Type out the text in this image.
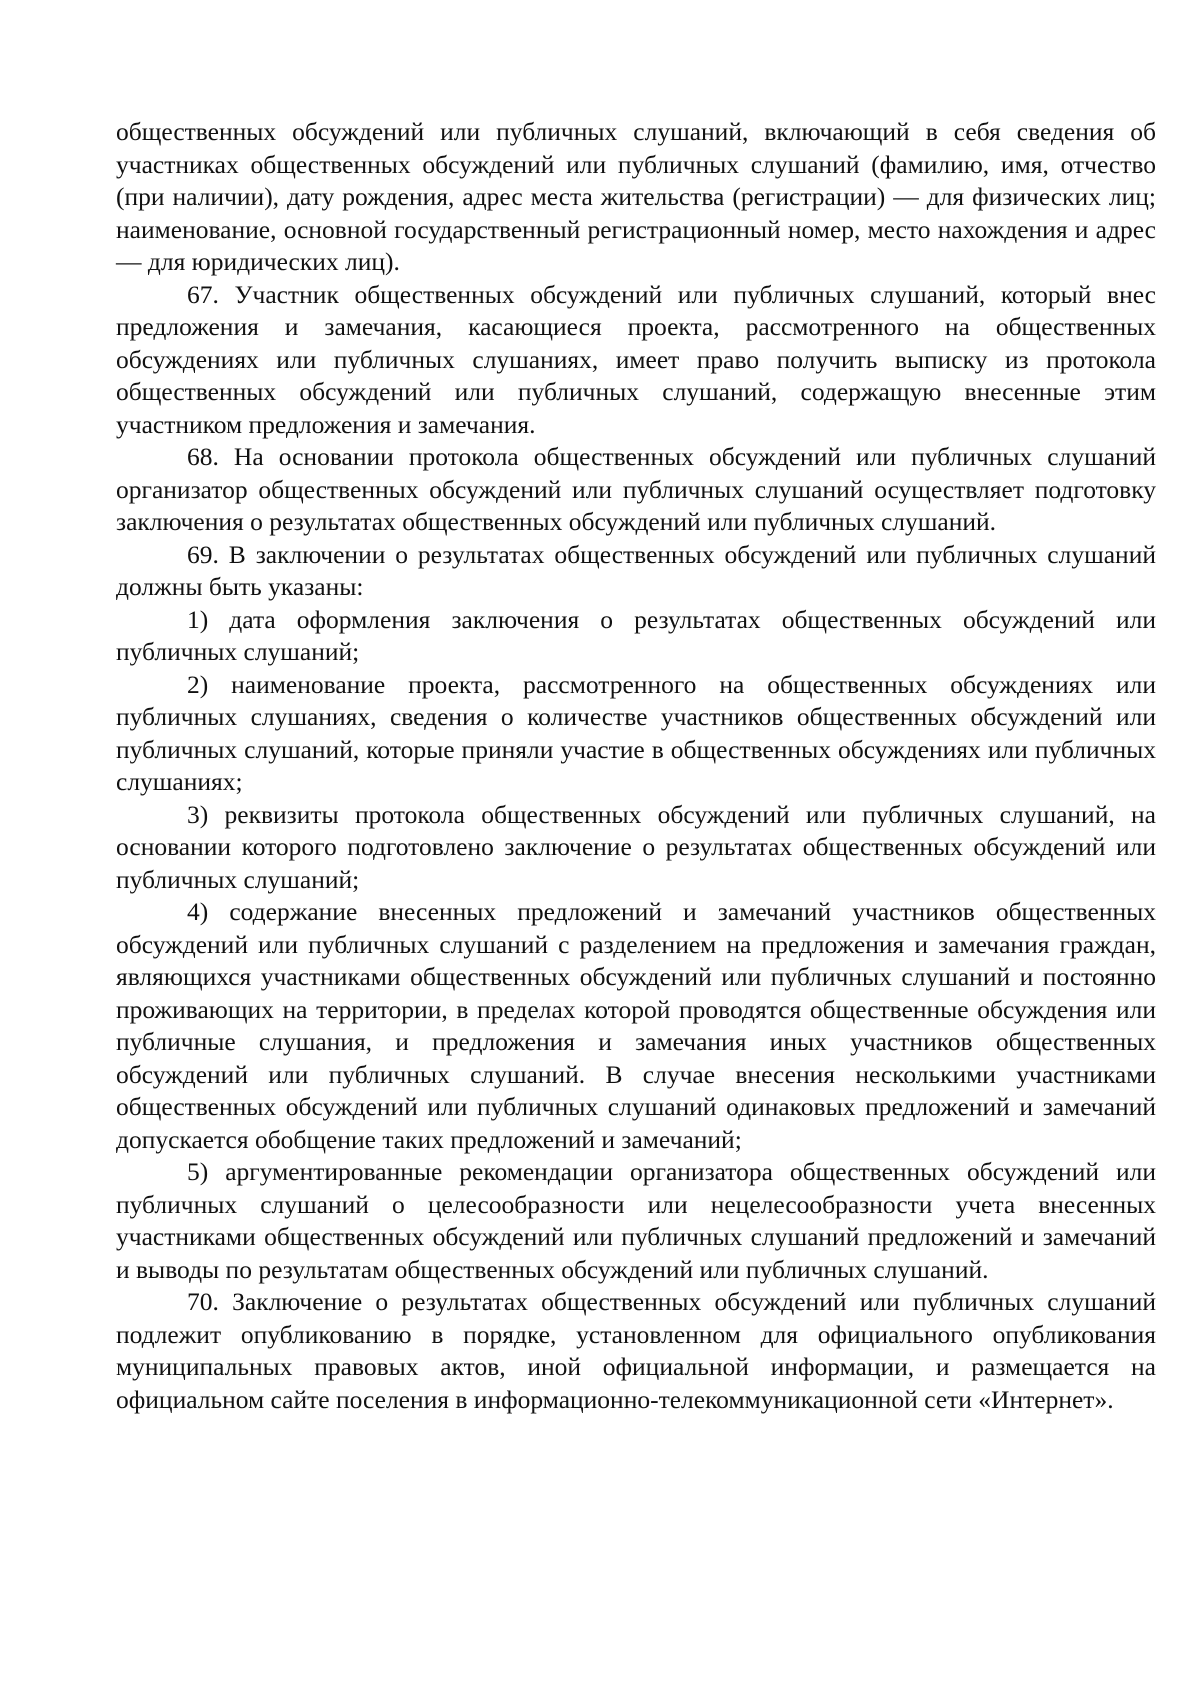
общественных обсуждений или публичных слушаний, включающий в себя сведения об участниках общественных обсуждений или публичных слушаний (фамилию, имя, отчество (при наличии), дату рождения, адрес места жительства (регистрации) — для физических лиц; наименование, основной государственный регистрационный номер, место нахождения и адрес — для юридических лиц).

67. Участник общественных обсуждений или публичных слушаний, который внес предложения и замечания, касающиеся проекта, рассмотренного на общественных обсуждениях или публичных слушаниях, имеет право получить выписку из протокола общественных обсуждений или публичных слушаний, содержащую внесенные этим участником предложения и замечания.

68. На основании протокола общественных обсуждений или публичных слушаний организатор общественных обсуждений или публичных слушаний осуществляет подготовку заключения о результатах общественных обсуждений или публичных слушаний.

69. В заключении о результатах общественных обсуждений или публичных слушаний должны быть указаны:

1) дата оформления заключения о результатах общественных обсуждений или публичных слушаний;

2) наименование проекта, рассмотренного на общественных обсуждениях или публичных слушаниях, сведения о количестве участников общественных обсуждений или публичных слушаний, которые приняли участие в общественных обсуждениях или публичных слушаниях;

3) реквизиты протокола общественных обсуждений или публичных слушаний, на основании которого подготовлено заключение о результатах общественных обсуждений или публичных слушаний;

4) содержание внесенных предложений и замечаний участников общественных обсуждений или публичных слушаний с разделением на предложения и замечания граждан, являющихся участниками общественных обсуждений или публичных слушаний и постоянно проживающих на территории, в пределах которой проводятся общественные обсуждения или публичные слушания, и предложения и замечания иных участников общественных обсуждений или публичных слушаний. В случае внесения несколькими участниками общественных обсуждений или публичных слушаний одинаковых предложений и замечаний допускается обобщение таких предложений и замечаний;

5) аргументированные рекомендации организатора общественных обсуждений или публичных слушаний о целесообразности или нецелесообразности учета внесенных участниками общественных обсуждений или публичных слушаний предложений и замечаний и выводы по результатам общественных обсуждений или публичных слушаний.

70. Заключение о результатах общественных обсуждений или публичных слушаний подлежит опубликованию в порядке, установленном для официального опубликования муниципальных правовых актов, иной официальной информации, и размещается на официальном сайте поселения в информационно-телекоммуникационной сети «Интернет».
